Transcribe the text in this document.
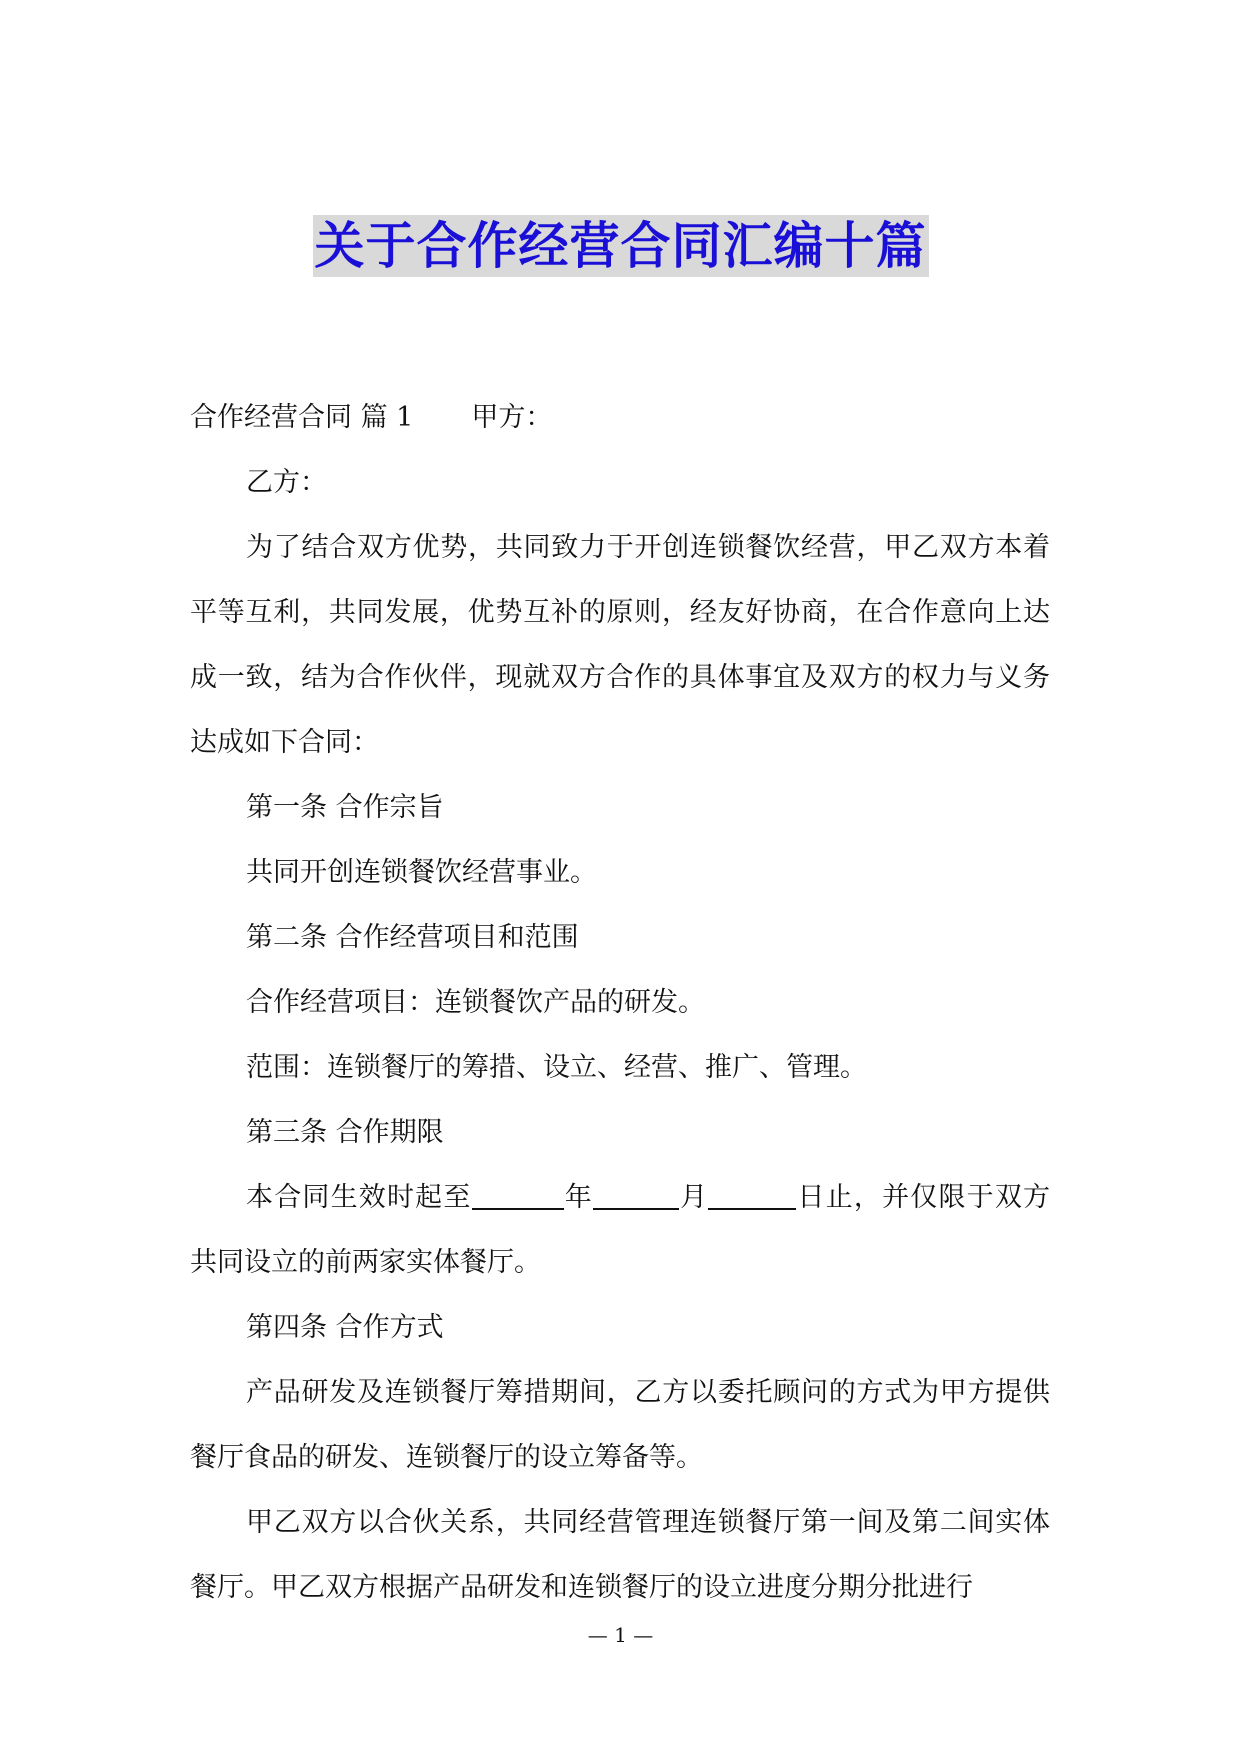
关于合作经营合同汇编十篇

合作经营合同 篇 1 甲方：

乙方：

为了结合双方优势，共同致力于开创连锁餐饮经营，甲乙双方本着平等互利，共同发展，优势互补的原则，经友好协商，在合作意向上达成一致，结为合作伙伴，现就双方合作的具体事宜及双方的权力与义务达成如下合同：

第一条 合作宗旨

共同开创连锁餐饮经营事业。

第二条 合作经营项目和范围

合作经营项目：连锁餐饮产品的研发。

范围：连锁餐厅的筹措、设立、经营、推广、管理。

第三条 合作期限

本合同生效时起至	年	月	日止，并仅限于双方共同设立的前两家实体餐厅。

第四条 合作方式

产品研发及连锁餐厅筹措期间，乙方以委托顾问的方式为甲方提供餐厅食品的研发、连锁餐厅的设立筹备等。

甲乙双方以合伙关系，共同经营管理连锁餐厅第一间及第二间实体餐厅。甲乙双方根据产品研发和连锁餐厅的设立进度分期分批进行

— 1 —
